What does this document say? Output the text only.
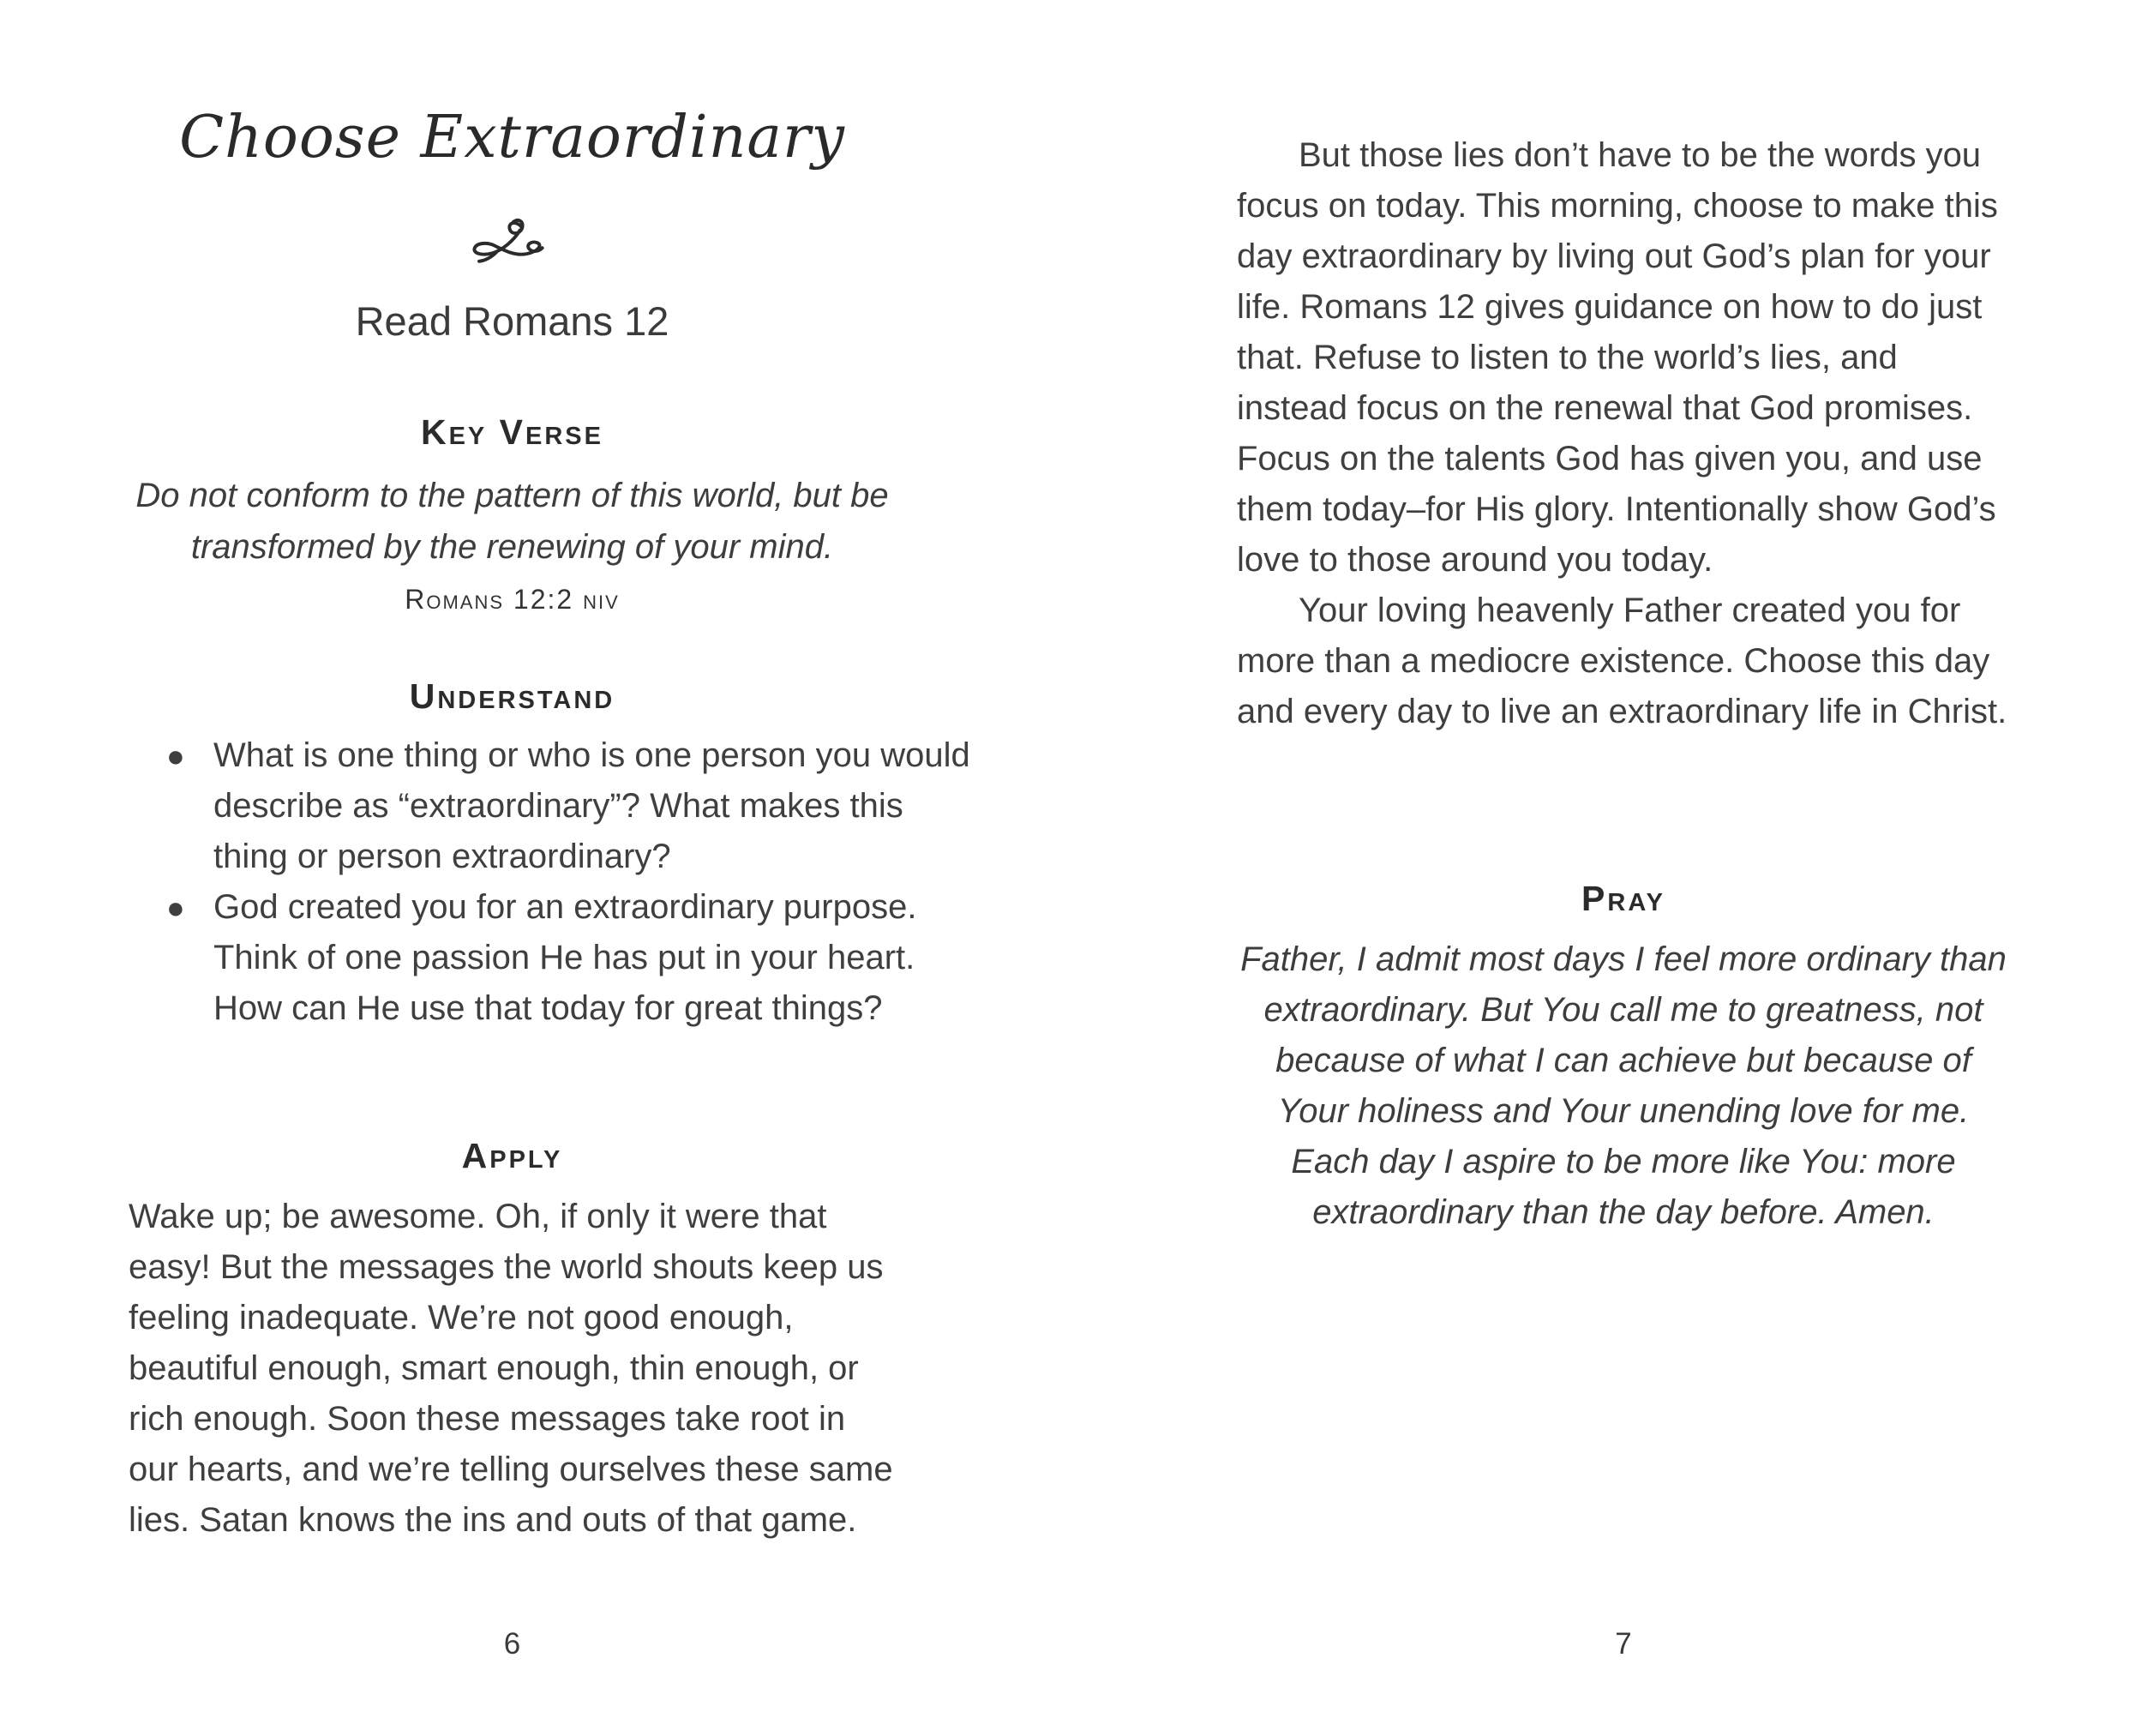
Choose Extraordinary

Read Romans 12

Key Verse

Do not conform to the pattern of this world, but be transformed by the renewing of your mind.

Romans 12:2 niv

Understand
● What is one thing or who is one person you would describe as “extraordinary”? What makes this thing or person extraordinary?
● God created you for an extraordinary purpose. Think of one passion He has put in your heart. How can He use that today for great things?
Apply

Wake up; be awesome. Oh, if only it were that easy! But the messages the world shouts keep us feeling inadequate. We’re not good enough, beautiful enough, smart enough, thin enough, or rich enough. Soon these messages take root in our hearts, and we’re telling ourselves these same lies. Satan knows the ins and outs of that game.

6

But those lies don’t have to be the words you focus on today. This morning, choose to make this day extraordinary by living out God’s plan for your life. Romans 12 gives guidance on how to do just that. Refuse to listen to the world’s lies, and instead focus on the renewal that God promises. Focus on the talents God has given you, and use them today–for His glory. Intentionally show God’s love to those around you today.

Your loving heavenly Father created you for more than a mediocre existence. Choose this day and every day to live an extraordinary life in Christ.

Pray

Father, I admit most days I feel more ordinary than extraordinary. But You call me to greatness, not because of what I can achieve but because of Your holiness and Your unending love for me. Each day I aspire to be more like You: more extraordinary than the day before. Amen.

7
